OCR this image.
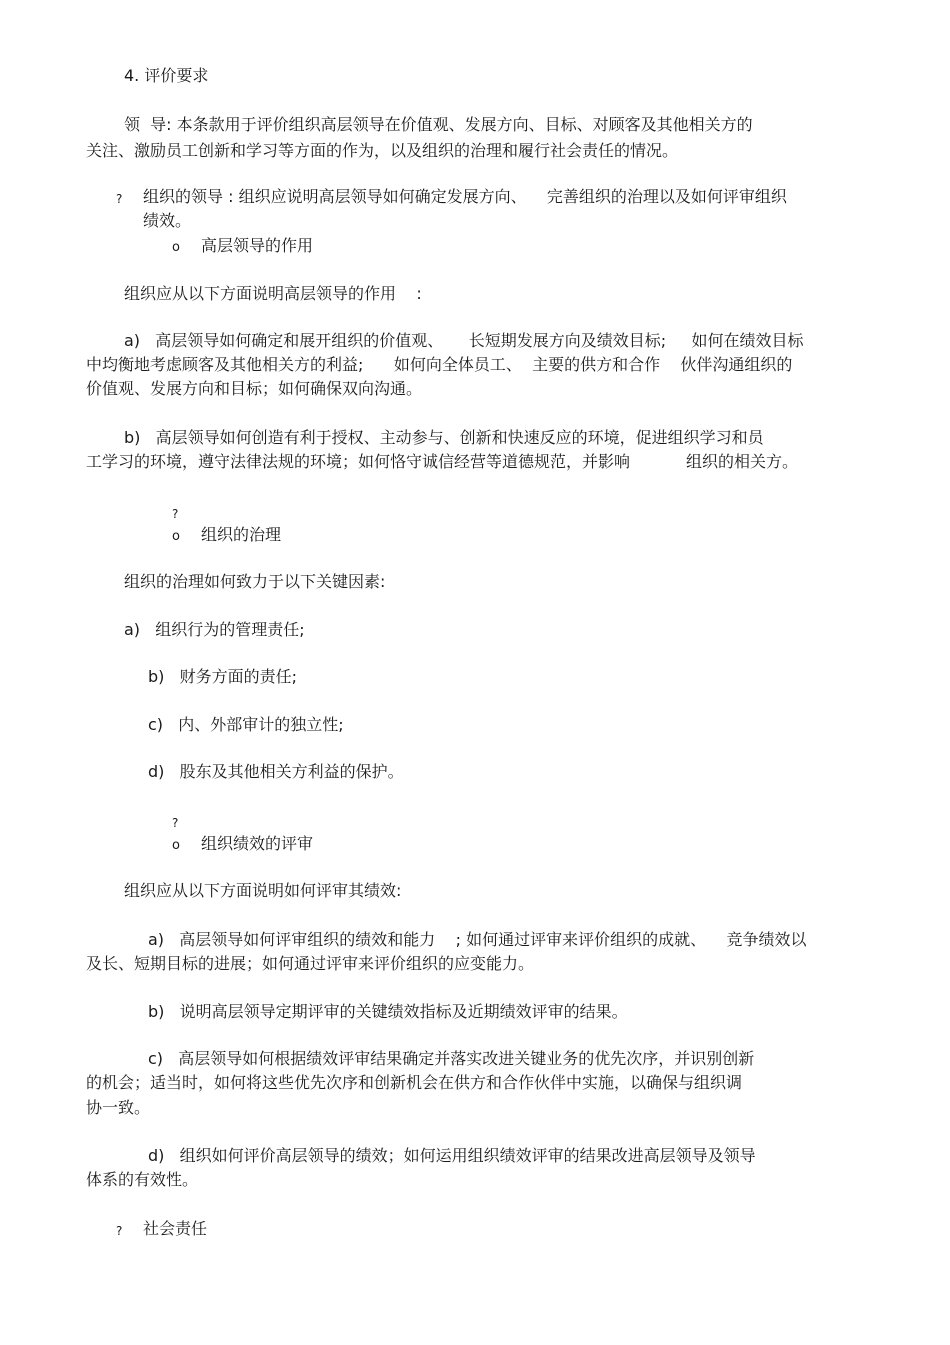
4. 评价要求
领  导: 本条款用于评价组织高层领导在价值观、发展方向、目标、对顾客及其他相关方的
关注、激励员工创新和学习等方面的作为，以及组织的治理和履行社会责任的情况。
? 组织的领导 : 组织应说明高层领导如何确定发展方向、    完善组织的治理以及如何评审组织
绩效。
o 高层领导的作用
组织应从以下方面说明高层领导的作用    :
a)   高层领导如何确定和展开组织的价值观、     长短期发展方向及绩效目标;     如何在绩效目标
中均衡地考虑顾客及其他相关方的利益;      如何向全体员工、  主要的供方和合作    伙伴沟通组织的
价值观、发展方向和目标；如何确保双向沟通。
b)   高层领导如何创造有利于授权、主动参与、创新和快速反应的环境，促进组织学习和员
工学习的环境，遵守法律法规的环境；如何恪守诚信经营等道德规范，并影响           组织的相关方。
?
o 组织的治理
组织的治理如何致力于以下关键因素:
a)   组织行为的管理责任;
b)   财务方面的责任;
c)   内、外部审计的独立性;
d)   股东及其他相关方利益的保护。
?
o 组织绩效的评审
组织应从以下方面说明如何评审其绩效:
a)   高层领导如何评审组织的绩效和能力    ; 如何通过评审来评价组织的成就、    竞争绩效以
及长、短期目标的进展；如何通过评审来评价组织的应变能力。
b)   说明高层领导定期评审的关键绩效指标及近期绩效评审的结果。
c)   高层领导如何根据绩效评审结果确定并落实改进关键业务的优先次序，并识别创新
的机会；适当时，如何将这些优先次序和创新机会在供方和合作伙伴中实施，以确保与组织调
协一致。
d)   组织如何评价高层领导的绩效；如何运用组织绩效评审的结果改进高层领导及领导
体系的有效性。
? 社会责任
